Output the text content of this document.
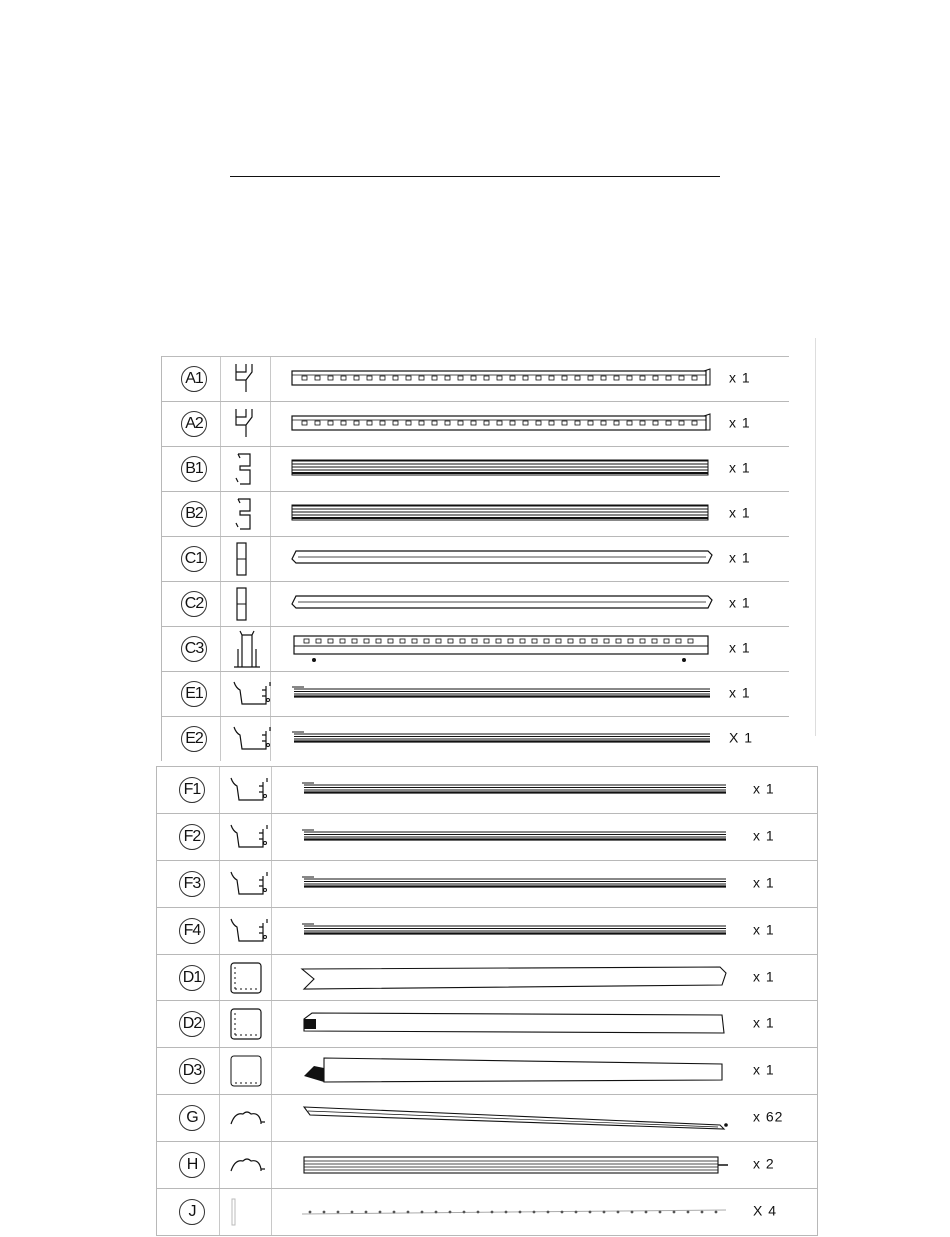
A1	x 1
A2	x 1
B1	x 1
B2	x 1
C1	x 1
C2	x 1
C3	x 1
E1	x 1
E2	X 1
F1	x 1
F2	x 1
F3	x 1
F4	x 1
D1	x 1
D2	x 1
D3	x 1
G	x 62
H	x 2
J	X 4
